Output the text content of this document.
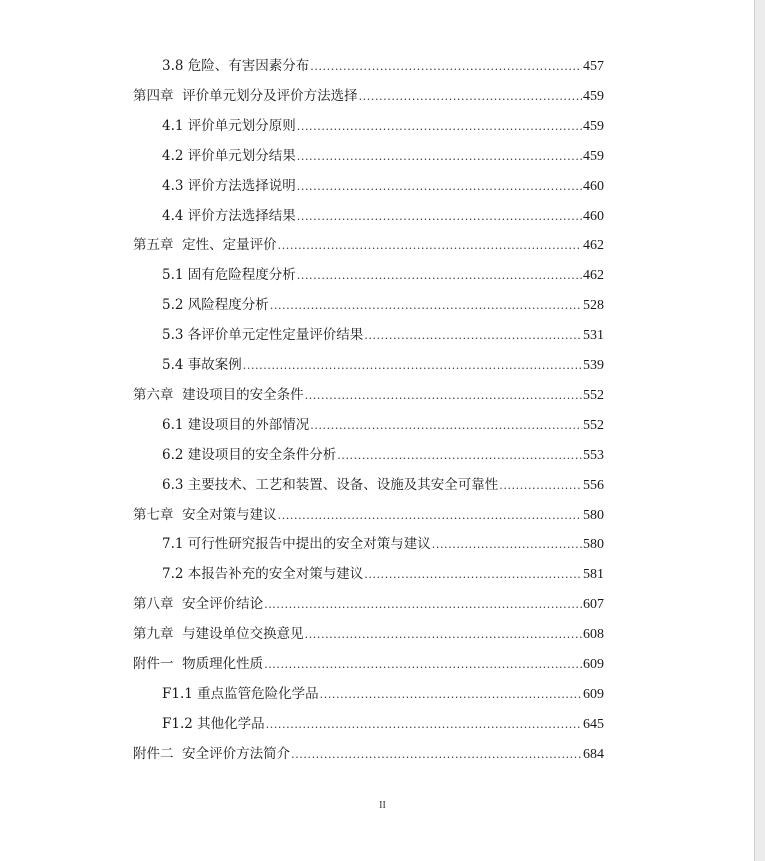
3.8 危险、有害因素分布 .....	457
第四章  评价单元划分及评价方法选择 .....	459
4.1 评价单元划分原则 .....	459
4.2 评价单元划分结果 .....	459
4.3 评价方法选择说明 .....	460
4.4 评价方法选择结果 .....	460
第五章  定性、定量评价 .....	462
5.1 固有危险程度分析 .....	462
5.2 风险程度分析 .....	528
5.3 各评价单元定性定量评价结果 .....	531
5.4 事故案例 .....	539
第六章  建设项目的安全条件 .....	552
6.1 建设项目的外部情况 .....	552
6.2 建设项目的安全条件分析 .....	553
6.3 主要技术、工艺和装置、设备、设施及其安全可靠性 .....	556
第七章  安全对策与建议 .....	580
7.1 可行性研究报告中提出的安全对策与建议 .....	580
7.2 本报告补充的安全对策与建议 .....	581
第八章  安全评价结论 .....	607
第九章  与建设单位交换意见 .....	608
附件一  物质理化性质 .....	609
F1.1 重点监管危险化学品 .....	609
F1.2 其他化学品 .....	645
附件二  安全评价方法简介 .....	684
II
